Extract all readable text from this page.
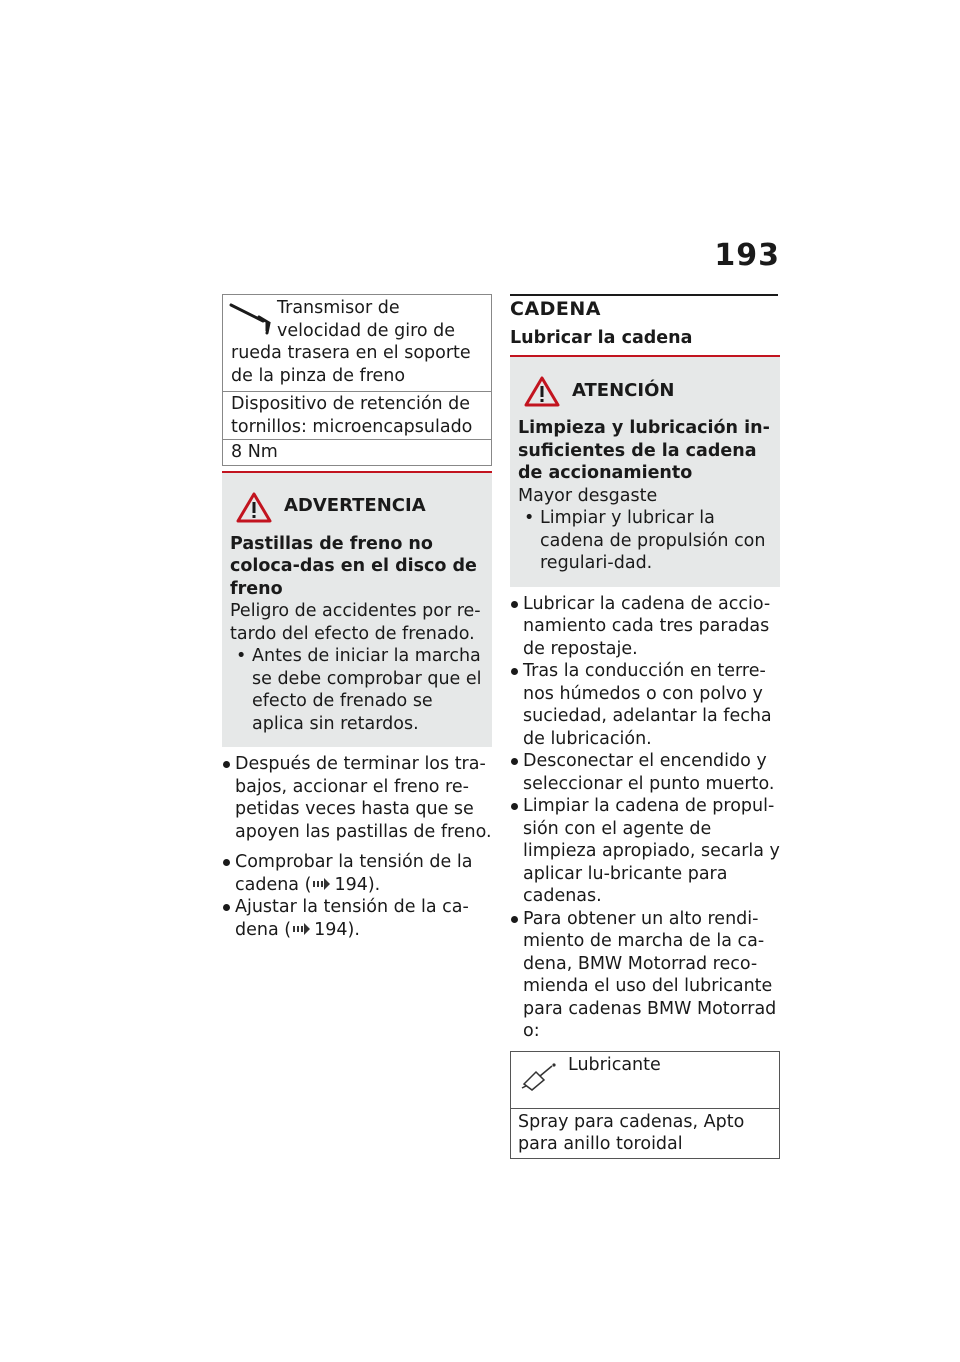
193
Transmisor de velocidad de giro de rueda trasera en el soporte de la pinza de freno
Dispositivo de retención de tornillos: microencapsulado
8 Nm
ADVERTENCIA
Pastillas de freno no coloca-das en el disco de freno
Peligro de accidentes por re-tardo del efecto de frenado.
• Antes de iniciar la marcha se debe comprobar que el efecto de frenado se aplica sin retardos.
Después de terminar los tra-bajos, accionar el freno re-petidas veces hasta que se apoyen las pastillas de freno.
Comprobar la tensión de la cadena ( 194).
Ajustar la tensión de la ca-dena ( 194).
CADENA
Lubricar la cadena
ATENCIÓN
Limpieza y lubricación in-suficientes de la cadena de accionamiento
Mayor desgaste
• Limpiar y lubricar la cadena de propulsión con regulari-dad.
Lubricar la cadena de accio-namiento cada tres paradas de repostaje.
Tras la conducción en terre-nos húmedos o con polvo y suciedad, adelantar la fecha de lubricación.
Desconectar el encendido y seleccionar el punto muerto.
Limpiar la cadena de propul-sión con el agente de limpieza apropiado, secarla y aplicar lu-bricante para cadenas.
Para obtener un alto rendi-miento de marcha de la ca-dena, BMW Motorrad reco-mienda el uso del lubricante para cadenas BMW Motorrad o:
Lubricante
Spray para cadenas, Apto para anillo toroidal
